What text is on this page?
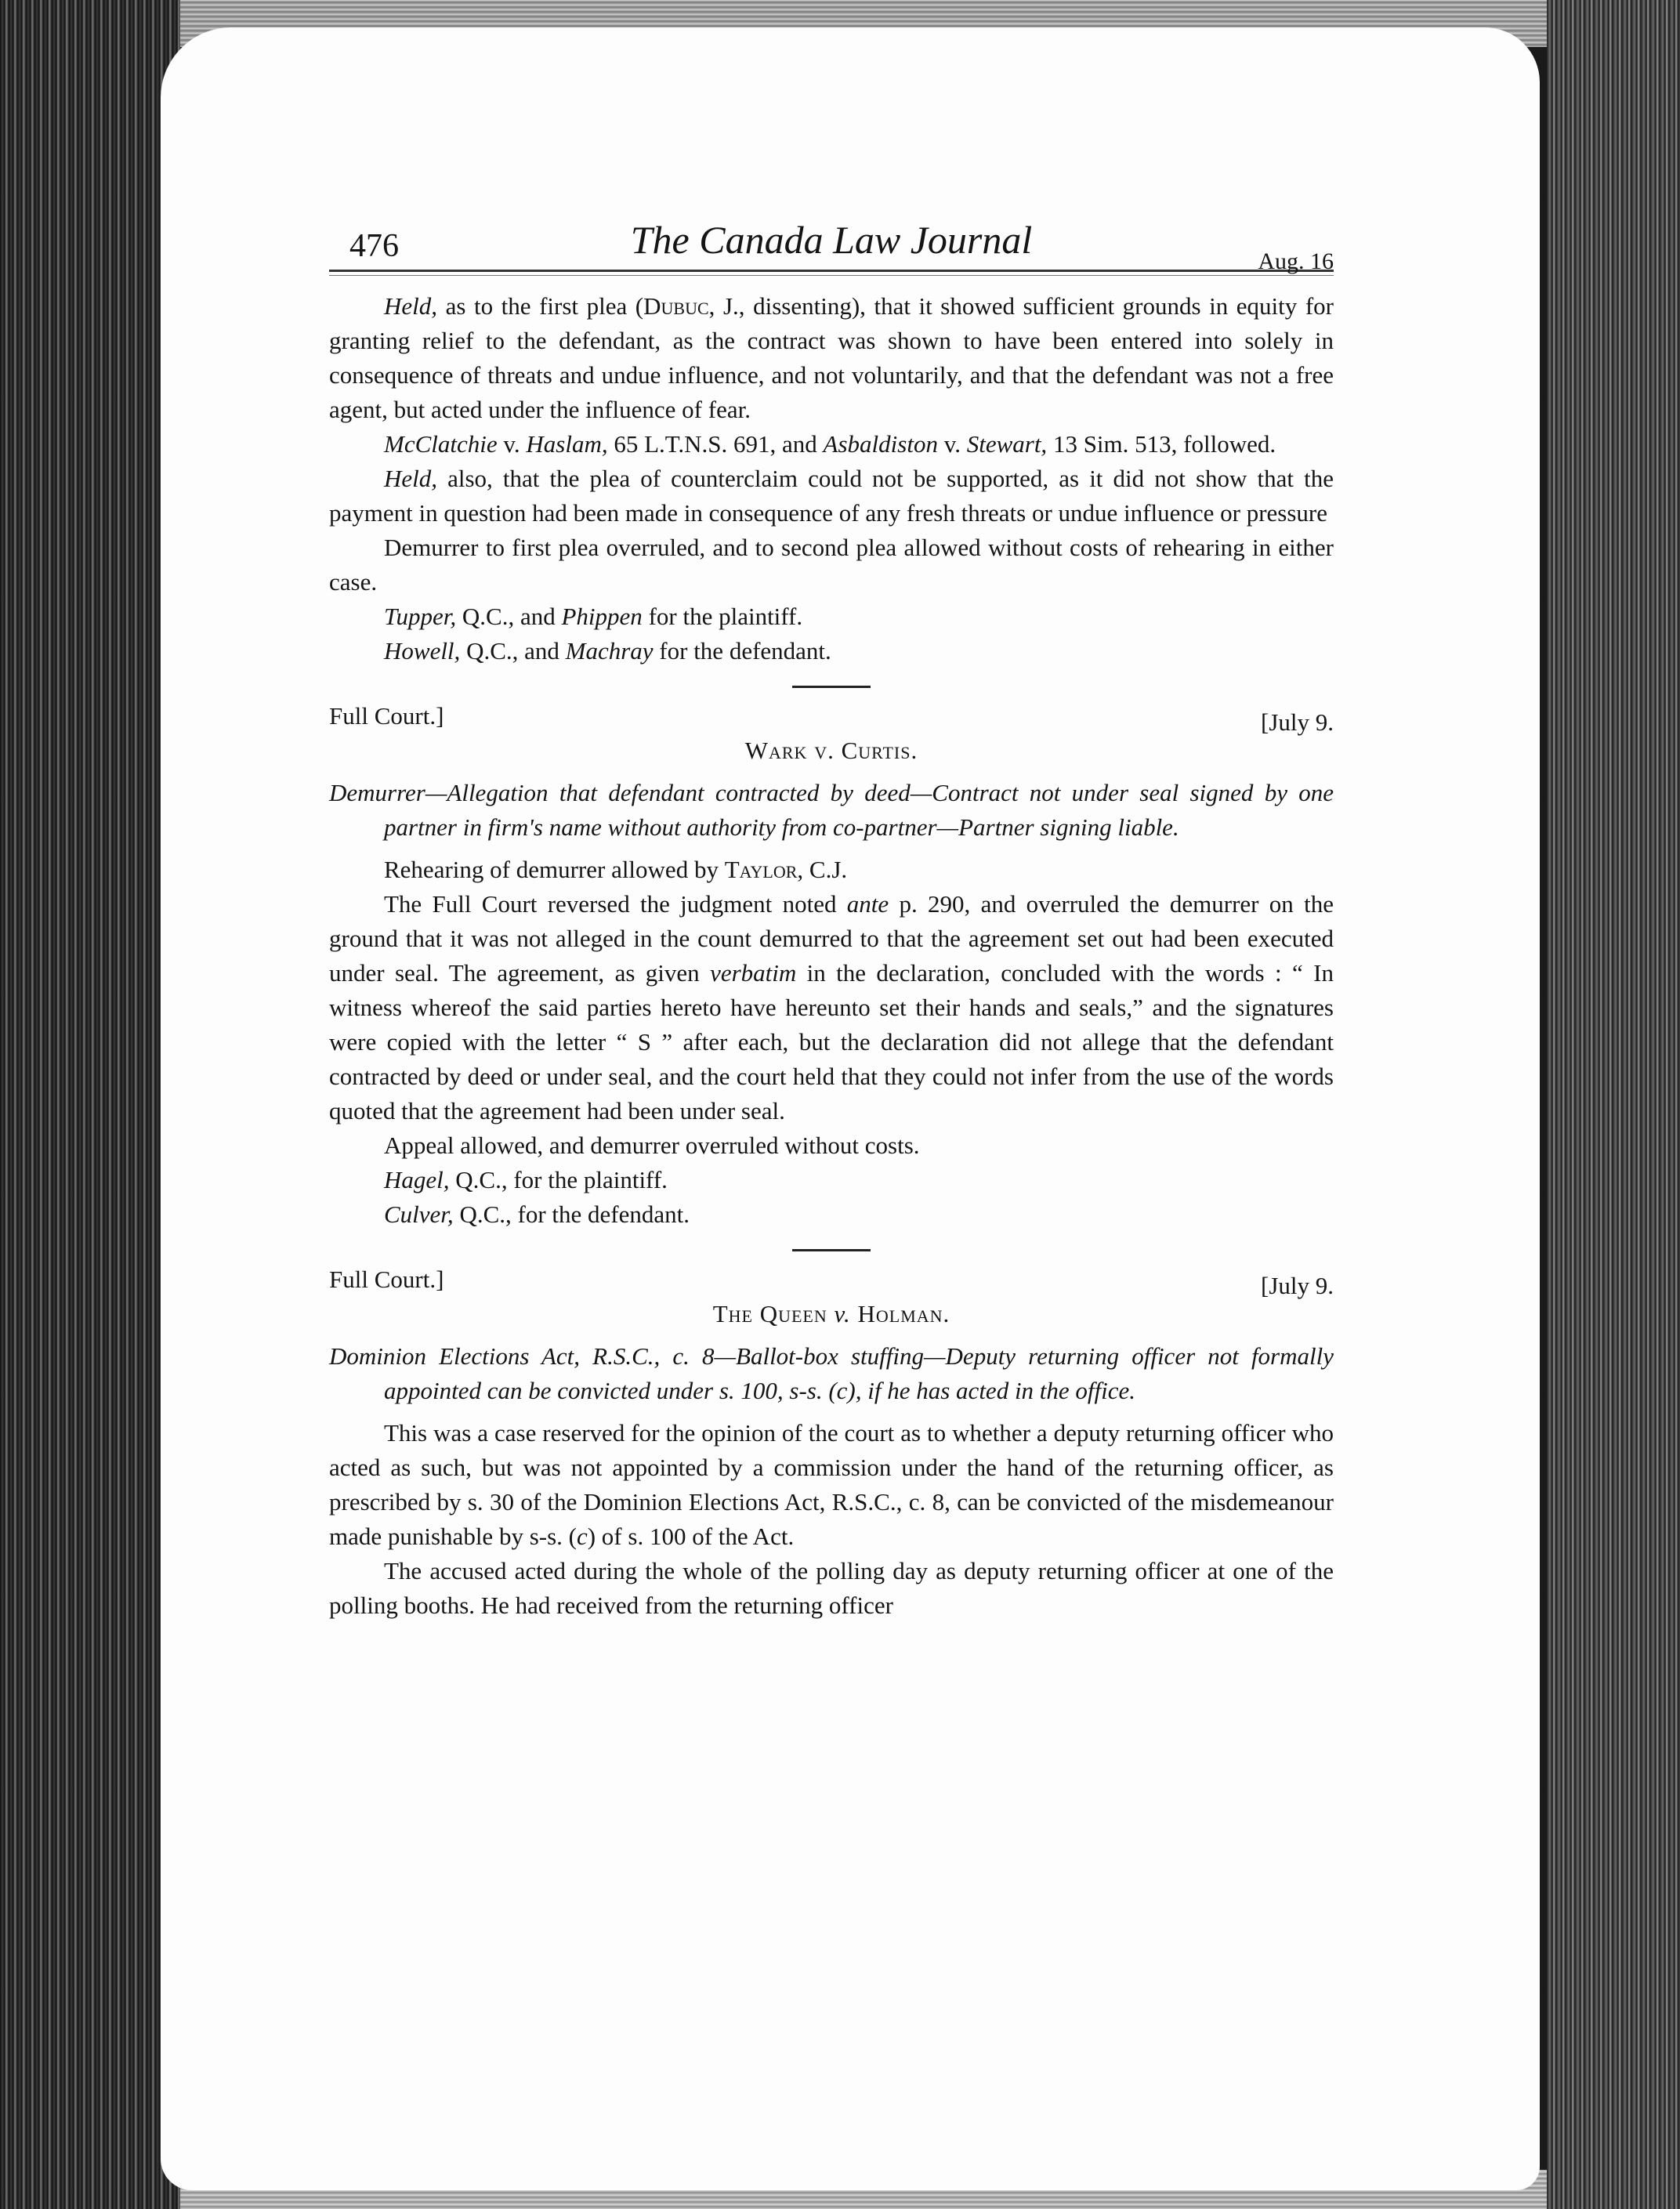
476	The Canada Law Journal	Aug. 16

Held, as to the first plea (Dubuc, J., dissenting), that it showed sufficient grounds in equity for granting relief to the defendant, as the contract was shown to have been entered into solely in consequence of threats and undue influence, and not voluntarily, and that the defendant was not a free agent, but acted under the influence of fear.

McClatchie v. Haslam, 65 L.T.N.S. 691, and Asbaldiston v. Stewart, 13 Sim. 513, followed.

Held, also, that the plea of counterclaim could not be supported, as it did not show that the payment in question had been made in consequence of any fresh threats or undue influence or pressure

Demurrer to first plea overruled, and to second plea allowed without costs of rehearing in either case.

Tupper, Q.C., and Phippen for the plaintiff.

Howell, Q.C., and Machray for the defendant.

Full Court.]	[July 9.
Wark v. Curtis.

Demurrer—Allegation that defendant contracted by deed—Contract not under seal signed by one partner in firm's name without authority from co-partner—Partner signing liable.

Rehearing of demurrer allowed by Taylor, C.J.

The Full Court reversed the judgment noted ante p. 290, and overruled the demurrer on the ground that it was not alleged in the count demurred to that the agreement set out had been executed under seal. The agreement, as given verbatim in the declaration, concluded with the words : “ In witness whereof the said parties hereto have hereunto set their hands and seals,” and the signatures were copied with the letter “ S ” after each, but the declaration did not allege that the defendant contracted by deed or under seal, and the court held that they could not infer from the use of the words quoted that the agreement had been under seal.

Appeal allowed, and demurrer overruled without costs.

Hagel, Q.C., for the plaintiff.

Culver, Q.C., for the defendant.

Full Court.]	[July 9.
The Queen v. Holman.

Dominion Elections Act, R.S.C., c. 8—Ballot-box stuffing—Deputy returning officer not formally appointed can be convicted under s. 100, s-s. (c), if he has acted in the office.

This was a case reserved for the opinion of the court as to whether a deputy returning officer who acted as such, but was not appointed by a commission under the hand of the returning officer, as prescribed by s. 30 of the Dominion Elections Act, R.S.C., c. 8, can be convicted of the misdemeanour made punishable by s-s. (c) of s. 100 of the Act.

The accused acted during the whole of the polling day as deputy returning officer at one of the polling booths. He had received from the returning officer
